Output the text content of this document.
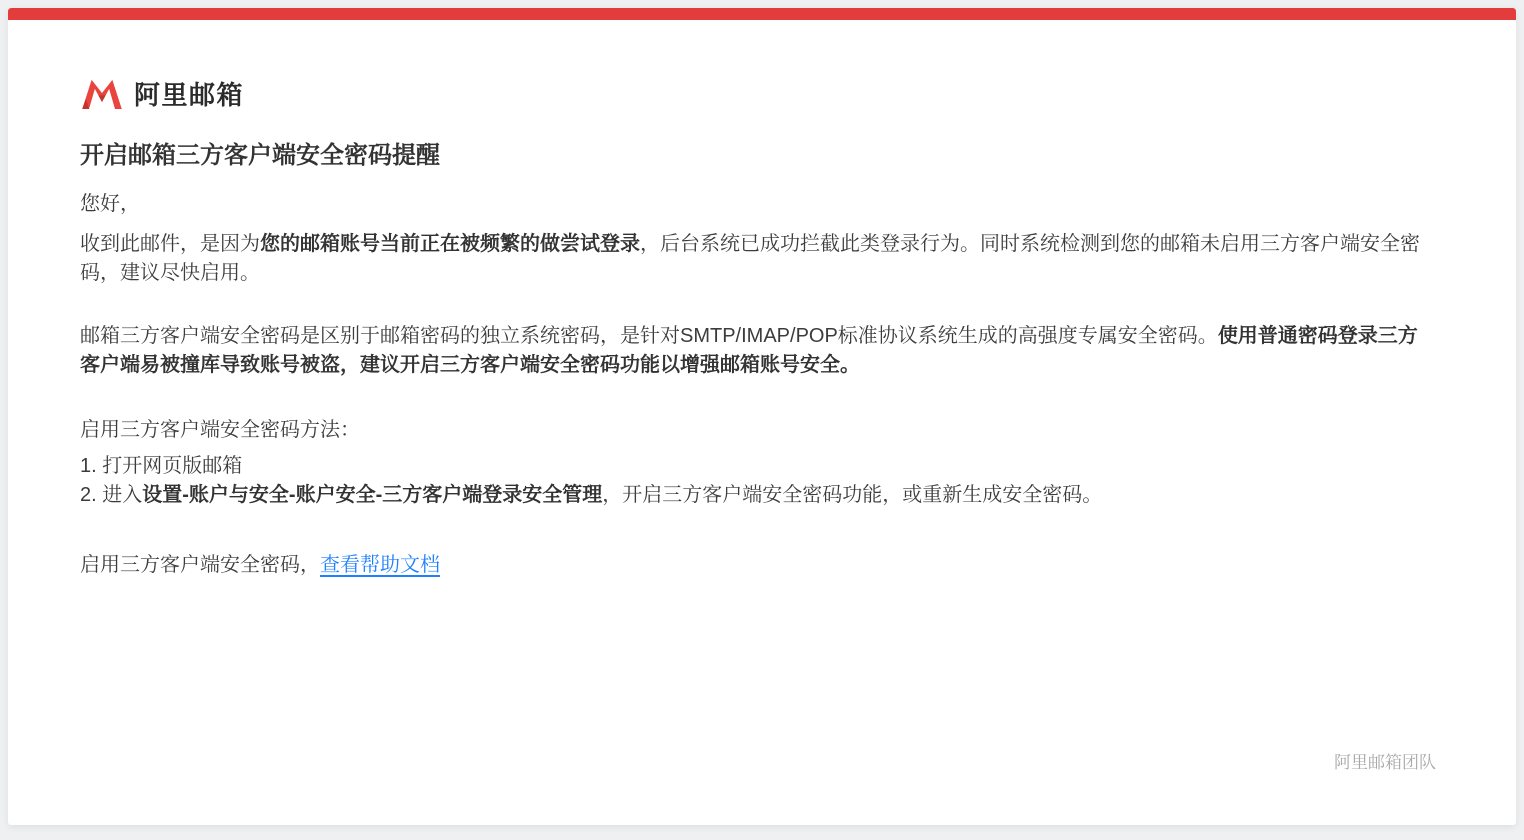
阿里邮箱
开启邮箱三方客户端安全密码提醒

您好，

收到此邮件，是因为您的邮箱账号当前正在被频繁的做尝试登录，后台系统已成功拦截此类登录行为。同时系统检测到您的邮箱未启用三方客户端安全密码，建议尽快启用。

邮箱三方客户端安全密码是区别于邮箱密码的独立系统密码，是针对SMTP/IMAP/POP标准协议系统生成的高强度专属安全密码。使用普通密码登录三方客户端易被撞库导致账号被盗，建议开启三方客户端安全密码功能以增强邮箱账号安全。

启用三方客户端安全密码方法：

1. 打开网页版邮箱

2. 进入设置-账户与安全-账户安全-三方客户端登录安全管理，开启三方客户端安全密码功能，或重新生成安全密码。

启用三方客户端安全密码，查看帮助文档

阿里邮箱团队
